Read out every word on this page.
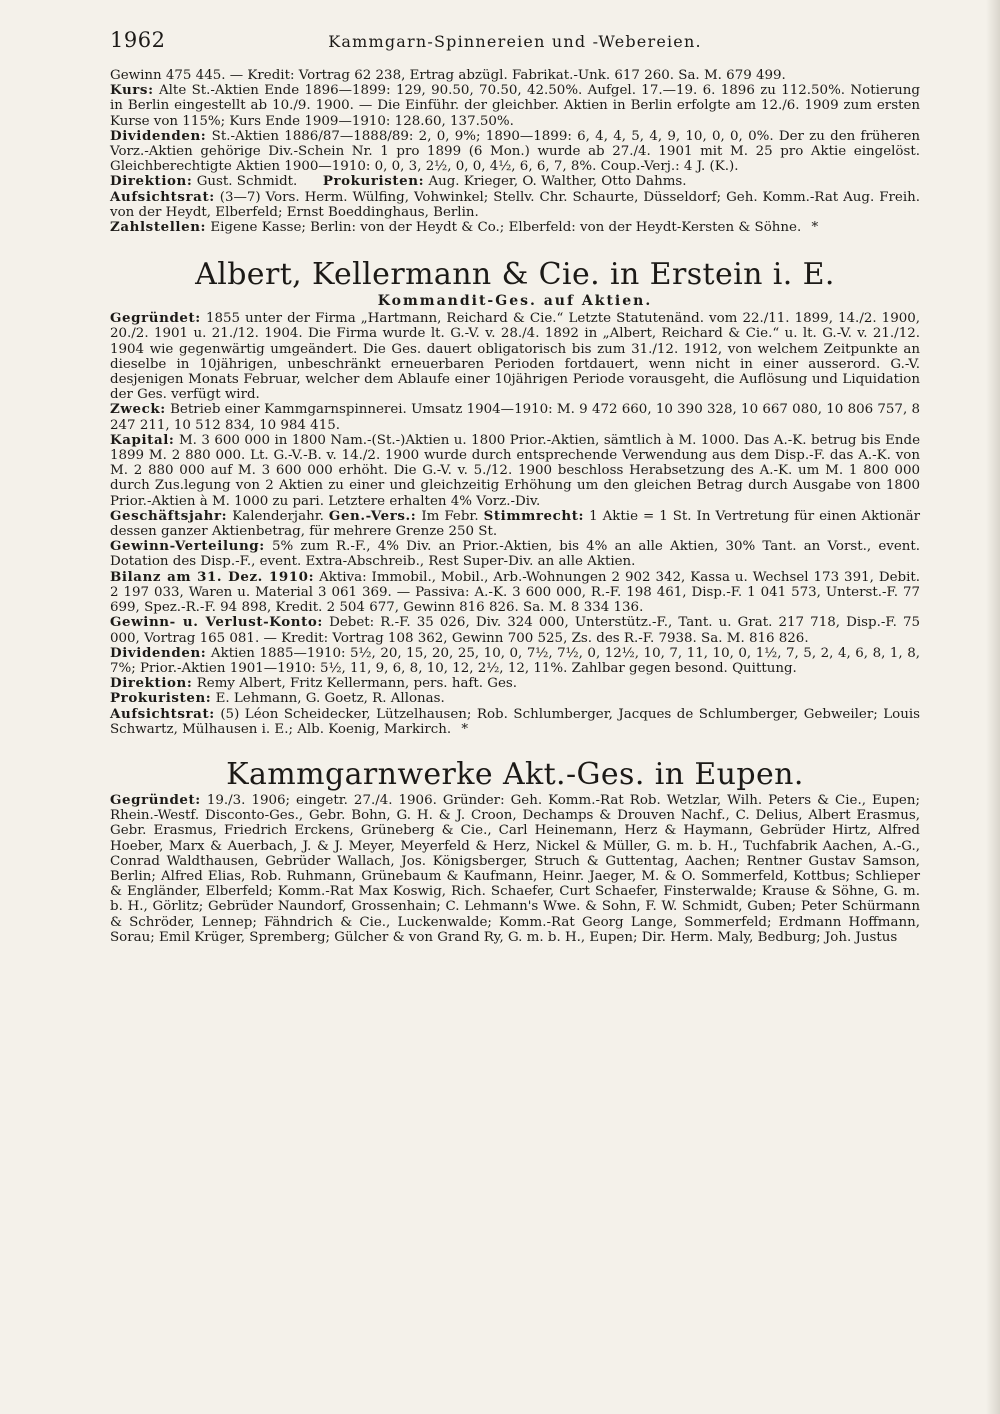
1962	Kammgarn-Spinnereien und -Webereien.

Gewinn 475 445. — Kredit: Vortrag 62 238, Ertrag abzügl. Fabrikat.-Unk. 617 260. Sa. M. 679 499.

Kurs: Alte St.-Aktien Ende 1896—1899: 129, 90.50, 70.50, 42.50%. Aufgel. 17.—19. 6. 1896 zu 112.50%. Notierung in Berlin eingestellt ab 10./9. 1900. — Die Einführ. der gleichber. Aktien in Berlin erfolgte am 12./6. 1909 zum ersten Kurse von 115%; Kurs Ende 1909—1910: 128.60, 137.50%.

Dividenden: St.-Aktien 1886/87—1888/89: 2, 0, 9%; 1890—1899: 6, 4, 4, 5, 4, 9, 10, 0, 0, 0%. Der zu den früheren Vorz.-Aktien gehörige Div.-Schein Nr. 1 pro 1899 (6 Mon.) wurde ab 27./4. 1901 mit M. 25 pro Aktie eingelöst. Gleichberechtigte Aktien 1900—1910: 0, 0, 3, 2½, 0, 0, 4½, 6, 6, 7, 8%. Coup.-Verj.: 4 J. (K.).

Direktion: Gust. Schmidt. Prokuristen: Aug. Krieger, O. Walther, Otto Dahms.

Aufsichtsrat: (3—7) Vors. Herm. Wülfing, Vohwinkel; Stellv. Chr. Schaurte, Düsseldorf; Geh. Komm.-Rat Aug. Freih. von der Heydt, Elberfeld; Ernst Boeddinghaus, Berlin.

Zahlstellen: Eigene Kasse; Berlin: von der Heydt & Co.; Elberfeld: von der Heydt-Kersten & Söhne. *

Albert, Kellermann & Cie. in Erstein i. E.
Kommandit-Ges. auf Aktien.

Gegründet: 1855 unter der Firma „Hartmann, Reichard & Cie.“ Letzte Statutenänd. vom 22./11. 1899, 14./2. 1900, 20./2. 1901 u. 21./12. 1904. Die Firma wurde lt. G.-V. v. 28./4. 1892 in „Albert, Reichard & Cie.“ u. lt. G.-V. v. 21./12. 1904 wie gegenwärtig umgeändert. Die Ges. dauert obligatorisch bis zum 31./12. 1912, von welchem Zeitpunkte an dieselbe in 10jährigen, unbeschränkt erneuerbaren Perioden fortdauert, wenn nicht in einer ausserord. G.-V. desjenigen Monats Februar, welcher dem Ablaufe einer 10jährigen Periode vorausgeht, die Auflösung und Liquidation der Ges. verfügt wird.

Zweck: Betrieb einer Kammgarnspinnerei. Umsatz 1904—1910: M. 9 472 660, 10 390 328, 10 667 080, 10 806 757, 8 247 211, 10 512 834, 10 984 415.

Kapital: M. 3 600 000 in 1800 Nam.-(St.-)Aktien u. 1800 Prior.-Aktien, sämtlich à M. 1000. Das A.-K. betrug bis Ende 1899 M. 2 880 000. Lt. G.-V.-B. v. 14./2. 1900 wurde durch entsprechende Verwendung aus dem Disp.-F. das A.-K. von M. 2 880 000 auf M. 3 600 000 erhöht. Die G.-V. v. 5./12. 1900 beschloss Herabsetzung des A.-K. um M. 1 800 000 durch Zus.legung von 2 Aktien zu einer und gleichzeitig Erhöhung um den gleichen Betrag durch Ausgabe von 1800 Prior.-Aktien à M. 1000 zu pari. Letztere erhalten 4% Vorz.-Div.

Geschäftsjahr: Kalenderjahr. Gen.-Vers.: Im Febr. Stimmrecht: 1 Aktie = 1 St. In Vertretung für einen Aktionär dessen ganzer Aktienbetrag, für mehrere Grenze 250 St.

Gewinn-Verteilung: 5% zum R.-F., 4% Div. an Prior.-Aktien, bis 4% an alle Aktien, 30% Tant. an Vorst., event. Dotation des Disp.-F., event. Extra-Abschreib., Rest Super-Div. an alle Aktien.

Bilanz am 31. Dez. 1910: Aktiva: Immobil., Mobil., Arb.-Wohnungen 2 902 342, Kassa u. Wechsel 173 391, Debit. 2 197 033, Waren u. Material 3 061 369. — Passiva: A.-K. 3 600 000, R.-F. 198 461, Disp.-F. 1 041 573, Unterst.-F. 77 699, Spez.-R.-F. 94 898, Kredit. 2 504 677, Gewinn 816 826. Sa. M. 8 334 136.

Gewinn- u. Verlust-Konto: Debet: R.-F. 35 026, Div. 324 000, Unterstütz.-F., Tant. u. Grat. 217 718, Disp.-F. 75 000, Vortrag 165 081. — Kredit: Vortrag 108 362, Gewinn 700 525, Zs. des R.-F. 7938. Sa. M. 816 826.

Dividenden: Aktien 1885—1910: 5½, 20, 15, 20, 25, 10, 0, 7½, 7½, 0, 12½, 10, 7, 11, 10, 0, 1½, 7, 5, 2, 4, 6, 8, 1, 8, 7%; Prior.-Aktien 1901—1910: 5½, 11, 9, 6, 8, 10, 12, 2½, 12, 11%. Zahlbar gegen besond. Quittung.

Direktion: Remy Albert, Fritz Kellermann, pers. haft. Ges.

Prokuristen: E. Lehmann, G. Goetz, R. Allonas.

Aufsichtsrat: (5) Léon Scheidecker, Lützelhausen; Rob. Schlumberger, Jacques de Schlumberger, Gebweiler; Louis Schwartz, Mülhausen i. E.; Alb. Koenig, Markirch. *

Kammgarnwerke Akt.-Ges. in Eupen.

Gegründet: 19./3. 1906; eingetr. 27./4. 1906. Gründer: Geh. Komm.-Rat Rob. Wetzlar, Wilh. Peters & Cie., Eupen; Rhein.-Westf. Disconto-Ges., Gebr. Bohn, G. H. & J. Croon, Dechamps & Drouven Nachf., C. Delius, Albert Erasmus, Gebr. Erasmus, Friedrich Erckens, Grüneberg & Cie., Carl Heinemann, Herz & Haymann, Gebrüder Hirtz, Alfred Hoeber, Marx & Auerbach, J. & J. Meyer, Meyerfeld & Herz, Nickel & Müller, G. m. b. H., Tuchfabrik Aachen, A.-G., Conrad Waldthausen, Gebrüder Wallach, Jos. Königsberger, Struch & Guttentag, Aachen; Rentner Gustav Samson, Berlin; Alfred Elias, Rob. Ruhmann, Grünebaum & Kaufmann, Heinr. Jaeger, M. & O. Sommerfeld, Kottbus; Schlieper & Engländer, Elberfeld; Komm.-Rat Max Koswig, Rich. Schaefer, Curt Schaefer, Finsterwalde; Krause & Söhne, G. m. b. H., Görlitz; Gebrüder Naundorf, Grossenhain; C. Lehmann's Wwe. & Sohn, F. W. Schmidt, Guben; Peter Schürmann & Schröder, Lennep; Fähndrich & Cie., Luckenwalde; Komm.-Rat Georg Lange, Sommerfeld; Erdmann Hoffmann, Sorau; Emil Krüger, Spremberg; Gülcher & von Grand Ry, G. m. b. H., Eupen; Dir. Herm. Maly, Bedburg; Joh. Justus
